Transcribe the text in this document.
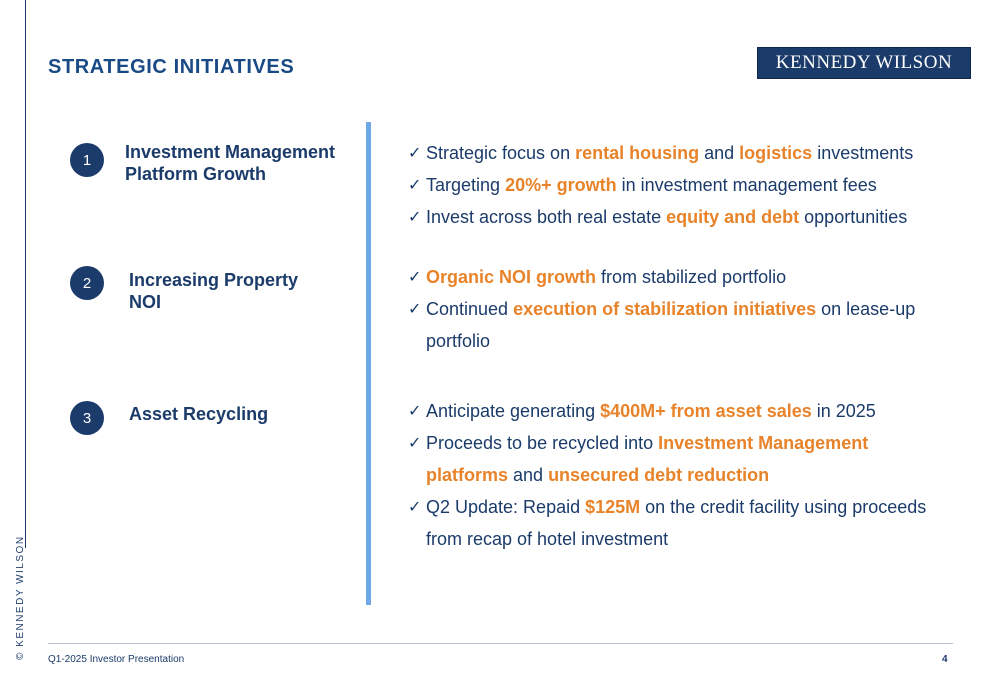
© KENNEDY WILSON
STRATEGIC INITIATIVES	KENNEDY WILSON
1	Investment Management
Platform Growth
✓ Strategic focus on rental housing and logistics investments
✓ Targeting 20%+ growth in investment management fees
✓ Invest across both real estate equity and debt opportunities
2	Increasing Property
NOI
✓ Organic NOI growth from stabilized portfolio
✓ Continued execution of stabilization initiatives on lease-up
portfolio
3	Asset Recycling	✓ Anticipate generating $400M+ from asset sales in 2025
✓ Proceeds to be recycled into Investment Management
platforms and unsecured debt reduction
✓ Q2 Update: Repaid $125M on the credit facility using proceeds
from recap of hotel investment
Q1-2025 Investor Presentation	4
